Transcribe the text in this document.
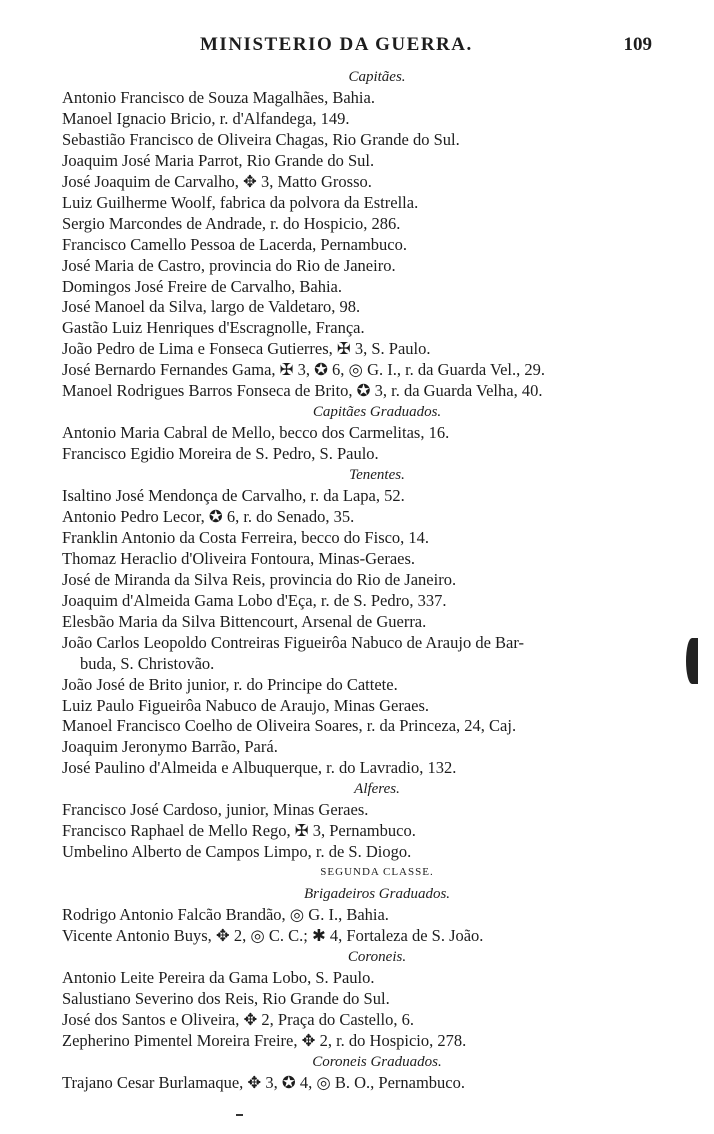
MINISTERIO DA GUERRA.	109
Capitães.
Antonio Francisco de Souza Magalhães, Bahia.
Manoel Ignacio Bricio, r. d'Alfandega, 149.
Sebastião Francisco de Oliveira Chagas, Rio Grande do Sul.
Joaquim José Maria Parrot, Rio Grande do Sul.
José Joaquim de Carvalho, ✥ 3, Matto Grosso.
Luiz Guilherme Woolf, fabrica da polvora da Estrella.
Sergio Marcondes de Andrade, r. do Hospicio, 286.
Francisco Camello Pessoa de Lacerda, Pernambuco.
José Maria de Castro, provincia do Rio de Janeiro.
Domingos José Freire de Carvalho, Bahia.
José Manoel da Silva, largo de Valdetaro, 98.
Gastão Luiz Henriques d'Escragnolle, França.
João Pedro de Lima e Fonseca Gutierres, ✠ 3, S. Paulo.
José Bernardo Fernandes Gama, ✠ 3, ✪ 6, ◎ G. I., r. da Guarda Vel., 29.
Manoel Rodrigues Barros Fonseca de Brito, ✪ 3, r. da Guarda Velha, 40.
Capitães Graduados.
Antonio Maria Cabral de Mello, becco dos Carmelitas, 16.
Francisco Egidio Moreira de S. Pedro, S. Paulo.
Tenentes.
Isaltino José Mendonça de Carvalho, r. da Lapa, 52.
Antonio Pedro Lecor, ✪ 6, r. do Senado, 35.
Franklin Antonio da Costa Ferreira, becco do Fisco, 14.
Thomaz Heraclio d'Oliveira Fontoura, Minas-Geraes.
José de Miranda da Silva Reis, provincia do Rio de Janeiro.
Joaquim d'Almeida Gama Lobo d'Eça, r. de S. Pedro, 337.
Elesbão Maria da Silva Bittencourt, Arsenal de Guerra.
João Carlos Leopoldo Contreiras Figueirôa Nabuco de Araujo de Bar-
buda, S. Christovão.
João José de Brito junior, r. do Principe do Cattete.
Luiz Paulo Figueirôa Nabuco de Araujo, Minas Geraes.
Manoel Francisco Coelho de Oliveira Soares, r. da Princeza, 24, Caj.
Joaquim Jeronymo Barrão, Pará.
José Paulino d'Almeida e Albuquerque, r. do Lavradio, 132.
Alferes.
Francisco José Cardoso, junior, Minas Geraes.
Francisco Raphael de Mello Rego, ✠ 3, Pernambuco.
Umbelino Alberto de Campos Limpo, r. de S. Diogo.
SEGUNDA CLASSE.
Brigadeiros Graduados.
Rodrigo Antonio Falcão Brandão, ◎ G. I., Bahia.
Vicente Antonio Buys, ✥ 2, ◎ C. C.; ✱ 4, Fortaleza de S. João.
Coroneis.
Antonio Leite Pereira da Gama Lobo, S. Paulo.
Salustiano Severino dos Reis, Rio Grande do Sul.
José dos Santos e Oliveira, ✥ 2, Praça do Castello, 6.
Zepherino Pimentel Moreira Freire, ✥ 2, r. do Hospicio, 278.
Coroneis Graduados.
Trajano Cesar Burlamaque, ✥ 3, ✪ 4, ◎ B. O., Pernambuco.
